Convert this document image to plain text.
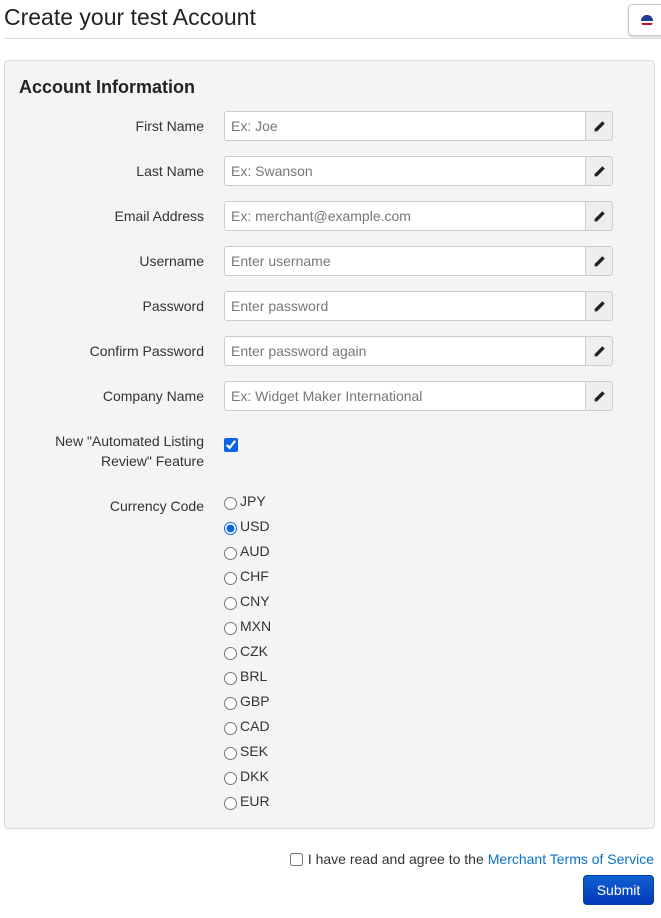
Create your test Account
Account Information
First Name	Ex: Joe
Last Name	Ex: Swanson
Email Address	Ex: merchant@example.com
Username	Enter username
Password	Enter password
Confirm Password	Enter password again
Company Name	Ex: Widget Maker International
New "Automated Listing Review" Feature
Currency Code	JPY
USD
AUD
CHF
CNY
MXN
CZK
BRL
GBP
CAD
SEK
DKK
EUR
I have read and agree to the Merchant Terms of Service
Submit
